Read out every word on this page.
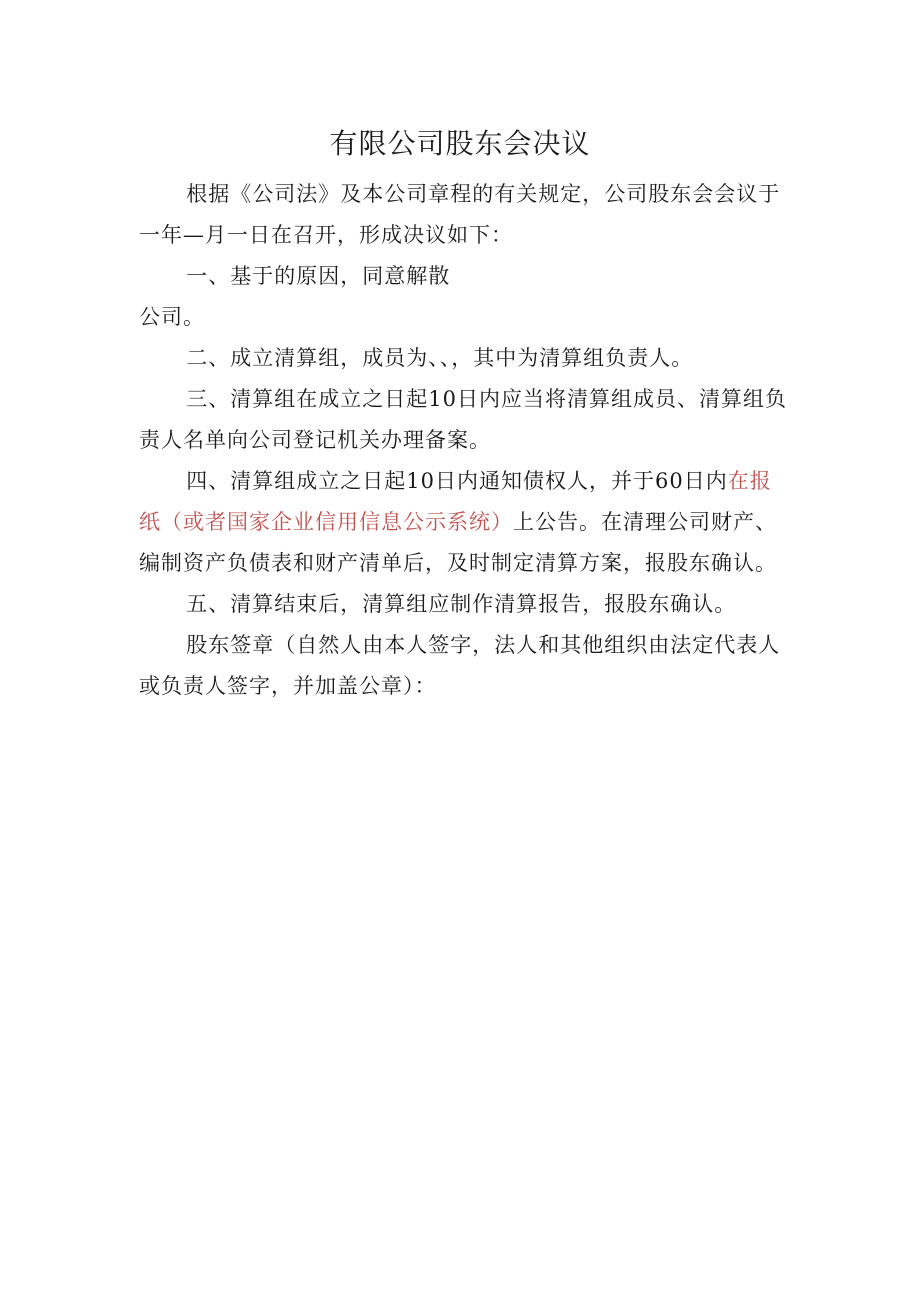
有限公司股东会决议

根据《公司法》及本公司章程的有关规定，公司股东会会议于一年—月一日在召开，形成决议如下：

一、基于的原因，同意解散

公司。

二、成立清算组，成员为、、，其中为清算组负责人。

三、清算组在成立之日起10日内应当将清算组成员、清算组负责人名单向公司登记机关办理备案。

四、清算组成立之日起10日内通知债权人，并于60日内在报纸（或者国家企业信用信息公示系统）上公告。在清理公司财产、编制资产负债表和财产清单后，及时制定清算方案，报股东确认。

五、清算结束后，清算组应制作清算报告，报股东确认。

股东签章（自然人由本人签字，法人和其他组织由法定代表人或负责人签字，并加盖公章）：
